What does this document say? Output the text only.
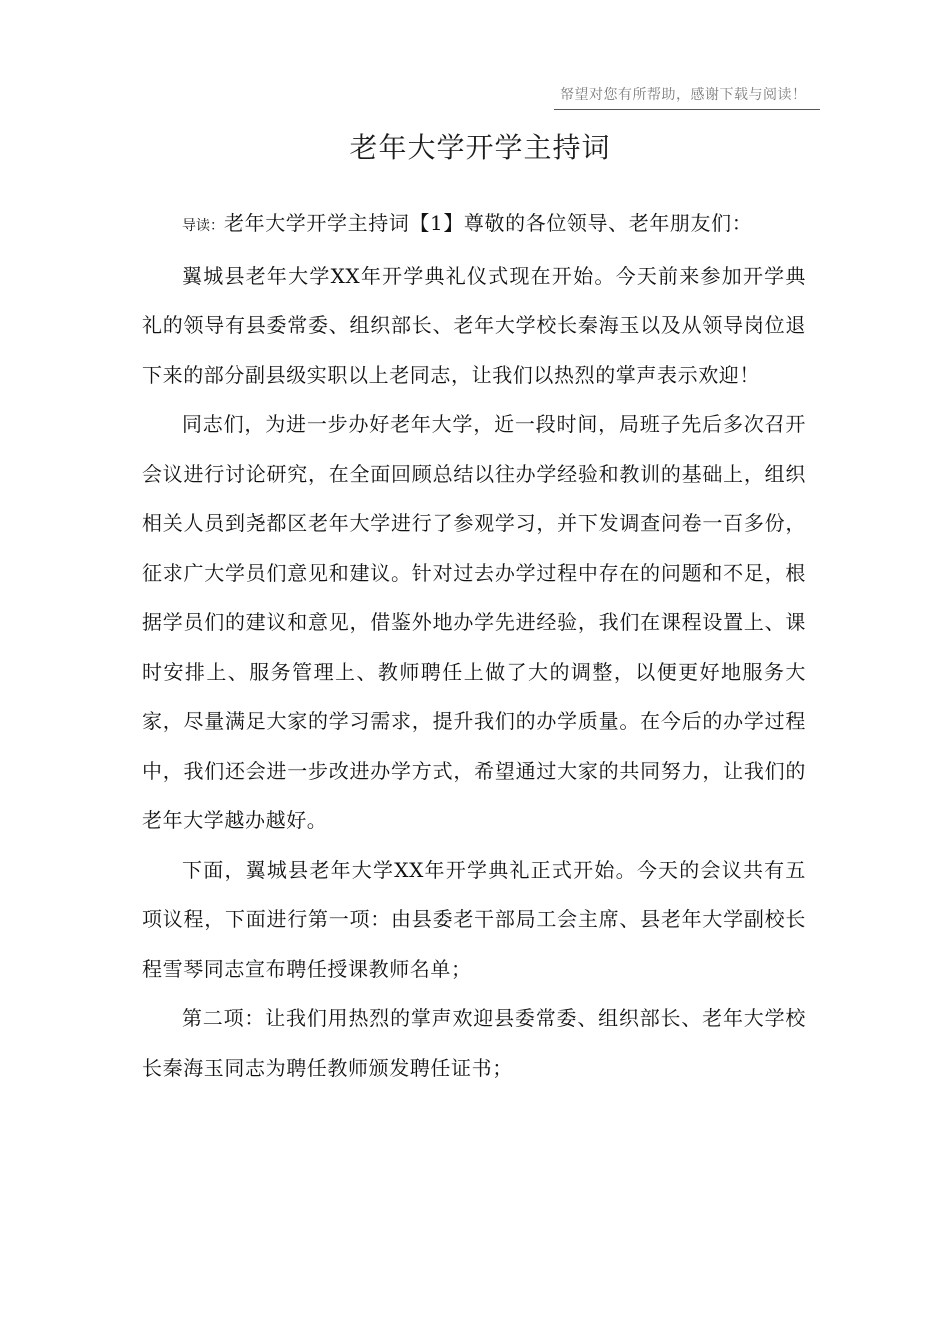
帑望对您有所帮助，感谢下载与阅读！
老年大学开学主持词

导读：老年大学开学主持词【1】尊敬的各位领导、老年朋友们：

翼城县老年大学XX年开学典礼仪式现在开始。今天前来参加开学典礼的领导有县委常委、组织部长、老年大学校长秦海玉以及从领导岗位退下来的部分副县级实职以上老同志，让我们以热烈的掌声表示欢迎！

同志们，为进一步办好老年大学，近一段时间，局班子先后多次召开会议进行讨论研究，在全面回顾总结以往办学经验和教训的基础上，组织相关人员到尧都区老年大学进行了参观学习，并下发调查问卷一百多份，征求广大学员们意见和建议。针对过去办学过程中存在的问题和不足，根据学员们的建议和意见，借鉴外地办学先进经验，我们在课程设置上、课时安排上、服务管理上、教师聘任上做了大的调整，以便更好地服务大家，尽量满足大家的学习需求，提升我们的办学质量。在今后的办学过程中，我们还会进一步改进办学方式，希望通过大家的共同努力，让我们的老年大学越办越好。

下面，翼城县老年大学XX年开学典礼正式开始。今天的会议共有五项议程，下面进行第一项：由县委老干部局工会主席、县老年大学副校长程雪琴同志宣布聘任授课教师名单；

第二项：让我们用热烈的掌声欢迎县委常委、组织部长、老年大学校长秦海玉同志为聘任教师颁发聘任证书；
